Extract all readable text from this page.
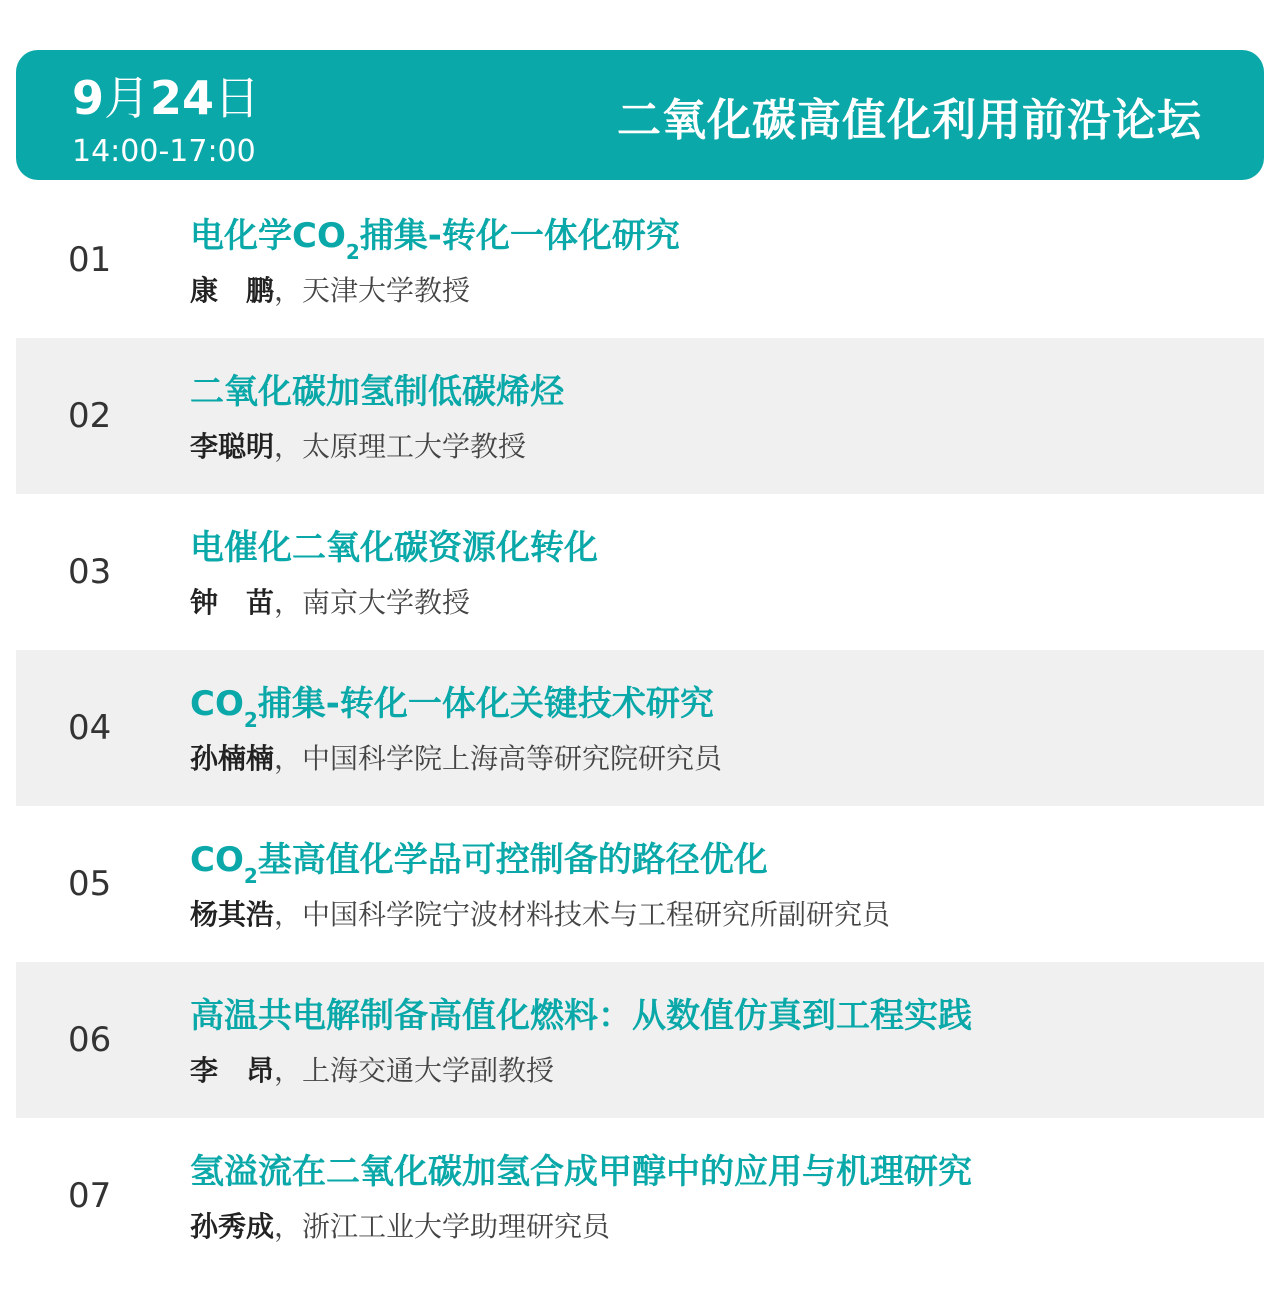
9月24日
14:00-17:00
二氧化碳高值化利用前沿论坛
01
电化学$CO_2$捕集-转化一体化研究
康　鹏，天津大学教授
02
二氧化碳加氢制低碳烯烃
李聪明，太原理工大学教授
03
电催化二氧化碳资源化转化
钟　苗，南京大学教授
04
$CO_2$捕集-转化一体化关键技术研究
孙楠楠，中国科学院上海高等研究院研究员
05
$CO_2$基高值化学品可控制备的路径优化
杨其浩，中国科学院宁波材料技术与工程研究所副研究员
06
高温共电解制备高值化燃料：从数值仿真到工程实践
李　昂，上海交通大学副教授
07
氢溢流在二氧化碳加氢合成甲醇中的应用与机理研究
孙秀成，浙江工业大学助理研究员
